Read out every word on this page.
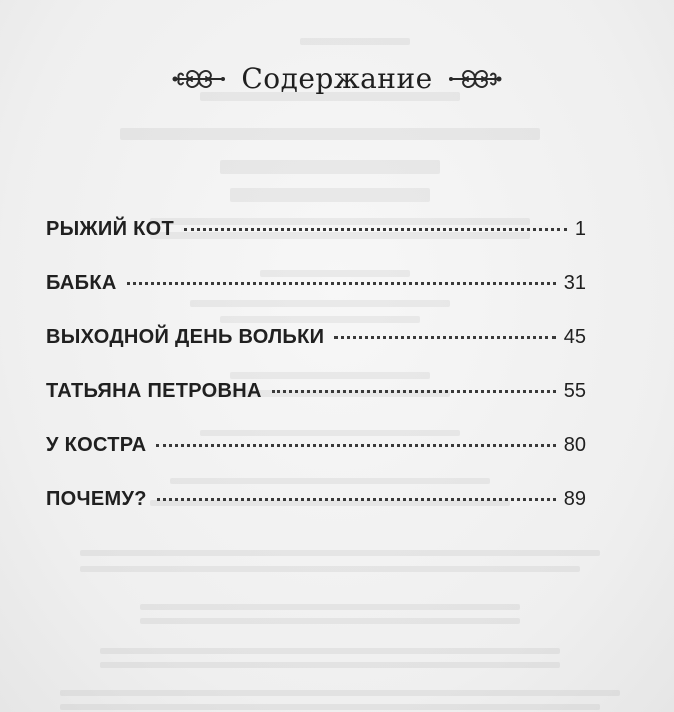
Содержание
РЫЖИЙ КОТ	1
БАБКА	31
ВЫХОДНОЙ ДЕНЬ ВОЛЬКИ	45
ТАТЬЯНА ПЕТРОВНА	55
У КОСТРА	80
ПОЧЕМУ?	89
